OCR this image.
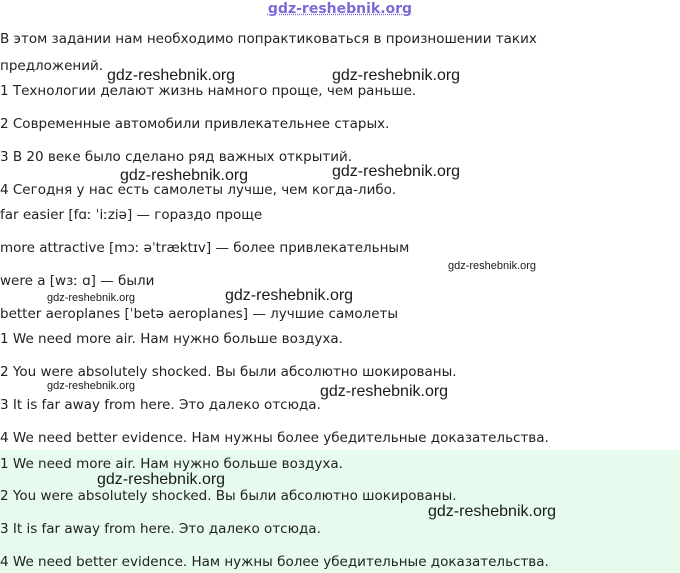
gdz-reshebnik.org
В этом задании нам необходимо попрактиковаться в произношении таких
предложений.
1 Технологии делают жизнь намного проще, чем раньше.
2 Современные автомобили привлекательнее старых.
3 В 20 веке было сделано ряд важных открытий.
4 Сегодня у нас есть самолеты лучше, чем когда-либо.
far easier [fɑː ˈiːziə] — гораздо проще
more attractive [mɔː əˈtræktɪv] — более привлекательным
were a [wɜː ɑ] — были
better aeroplanes [ˈbetə aeroplanes] — лучшие самолеты
1 We need more air. Нам нужно больше воздуха.
2 You were absolutely shocked. Вы были абсолютно шокированы.
3 It is far away from here. Это далеко отсюда.
4 We need better evidence. Нам нужны более убедительные доказательства.
1 We need more air. Нам нужно больше воздуха.
2 You were absolutely shocked. Вы были абсолютно шокированы.
3 It is far away from here. Это далеко отсюда.
4 We need better evidence. Нам нужны более убедительные доказательства.
gdz-reshebnik.org	gdz-reshebnik.org
gdz-reshebnik.org	gdz-reshebnik.org
gdz-reshebnik.org
gdz-reshebnik.org	gdz-reshebnik.org
gdz-reshebnik.org	gdz-reshebnik.org
gdz-reshebnik.org
gdz-reshebnik.org
